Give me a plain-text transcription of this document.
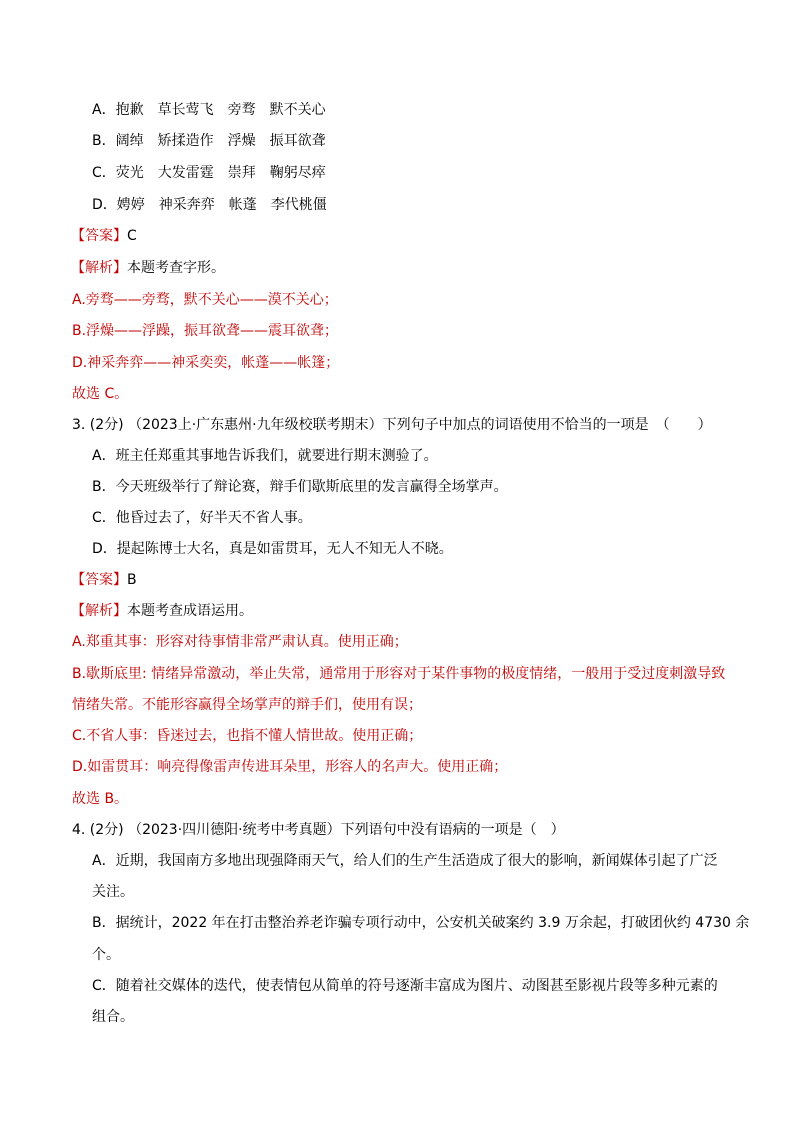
A．抱歉　草长莺飞　旁骛　默不关心
B．阔绰　矫揉造作　浮燥　振耳欲聋
C．荧光　大发雷霆　崇拜　鞠躬尽瘁
D．娉婷　神采奔弈　帐蓬　李代桃僵
【答案】C
【解析】本题考查字形。
A.旁骛——旁骛，默不关心——漠不关心；
B.浮燥——浮躁，振耳欲聋——震耳欲聋；
D.神采奔弈——神采奕奕，帐蓬——帐篷；
故选 C。
3. (2分) （2023上·广东惠州·九年级校联考期末）下列句子中加点的词语使用不恰当的一项是　（　　）
A．班主任郑重其事地告诉我们，就要进行期末测验了。
B．今天班级举行了辩论赛，辩手们歇斯底里的发言赢得全场掌声。
C．他昏过去了，好半天不省人事。
D．提起陈博士大名，真是如雷贯耳，无人不知无人不晓。
【答案】B
【解析】本题考查成语运用。
A.郑重其事：形容对待事情非常严肃认真。使用正确；
B.歇斯底里: 情绪异常激动，举止失常，通常用于形容对于某件事物的极度情绪，一般用于受过度刺激导致
情绪失常。不能形容赢得全场掌声的辩手们，使用有误；
C.不省人事：昏迷过去，也指不懂人情世故。使用正确；
D.如雷贯耳：响亮得像雷声传进耳朵里，形容人的名声大。使用正确；
故选 B。
4. (2分) （2023·四川德阳·统考中考真题）下列语句中没有语病的一项是（　）
A．近期，我国南方多地出现强降雨天气，给人们的生产生活造成了很大的影响，新闻媒体引起了广泛
关注。
B．据统计，2022 年在打击整治养老诈骗专项行动中，公安机关破案约 3.9 万余起，打破团伙约 4730 余
个。
C．随着社交媒体的迭代，使表情包从简单的符号逐渐丰富成为图片、动图甚至影视片段等多种元素的
组合。
